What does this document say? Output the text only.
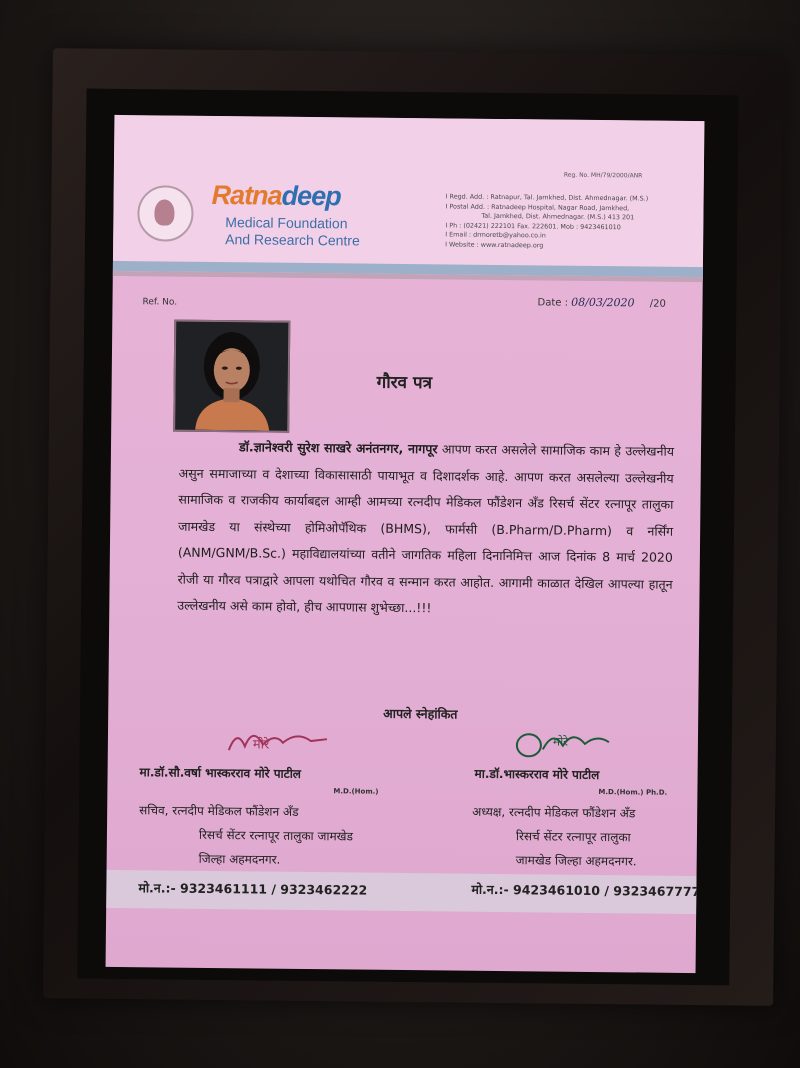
Ratnadeep
Medical Foundation
And Research Centre
Reg. No. MH/79/2000/ANR
I Regd. Add. : Ratnapur, Tal. Jamkhed, Dist. Ahmednagar. (M.S.)
I Postal Add. : Ratnadeep Hospital, Nagar Road, Jamkhed,
Tal. Jamkhed, Dist. Ahmednagar. (M.S.) 413 201
I Ph : (02421) 222101 Fax. 222601. Mob : 9423461010
I Email : drmoretb@yahoo.co.in
I Website : www.ratnadeep.org
Ref. No.	Date : 08/03/2020 /20
गौरव पत्र
डॉ.ज्ञानेश्वरी सुरेश साखरे अनंतनगर, नागपूर आपण करत असलेले सामाजिक काम हे उल्लेखनीय असुन समाजाच्या व देशाच्या विकासासाठी पायाभूत व दिशादर्शक आहे. आपण करत असलेल्या उल्लेखनीय सामाजिक व राजकीय कार्याबद्दल आम्ही आमच्या रत्नदीप मेडिकल फौंडेशन अँड रिसर्च सेंटर रत्नापूर तालुका जामखेड या संस्थेच्या होमिओपॅथिक (BHMS), फार्मसी (B.Pharm/D.Pharm) व नर्सिंग (ANM/GNM/B.Sc.) महाविद्यालयांच्या वतीने जागतिक महिला दिनानिमित्त आज दिनांक 8 मार्च 2020 रोजी या गौरव पत्राद्वारे आपला यथोचित गौरव व सन्मान करत आहोत. आगामी काळात देखिल आपल्या हातून उल्लेखनीय असे काम होवो, हीच आपणास शुभेच्छा...!!!
आपले स्नेहांकित
मोरे
मा.डॉ.सौ.वर्षा भास्करराव मोरे पाटील
M.D.(Hom.)
सचिव, रत्नदीप मेडिकल फौंडेशन अँड
रिसर्च सेंटर रत्नापूर तालुका जामखेड
जिल्हा अहमदनगर.
मो.न.:- 9323461111 / 9323462222
मोरे
मा.डॉ.भास्करराव मोरे पाटील
M.D.(Hom.) Ph.D.
अध्यक्ष, रत्नदीप मेडिकल फौंडेशन अँड
रिसर्च सेंटर रत्नापूर तालुका
जामखेड जिल्हा अहमदनगर.
मो.न.:- 9423461010 / 9323467777
